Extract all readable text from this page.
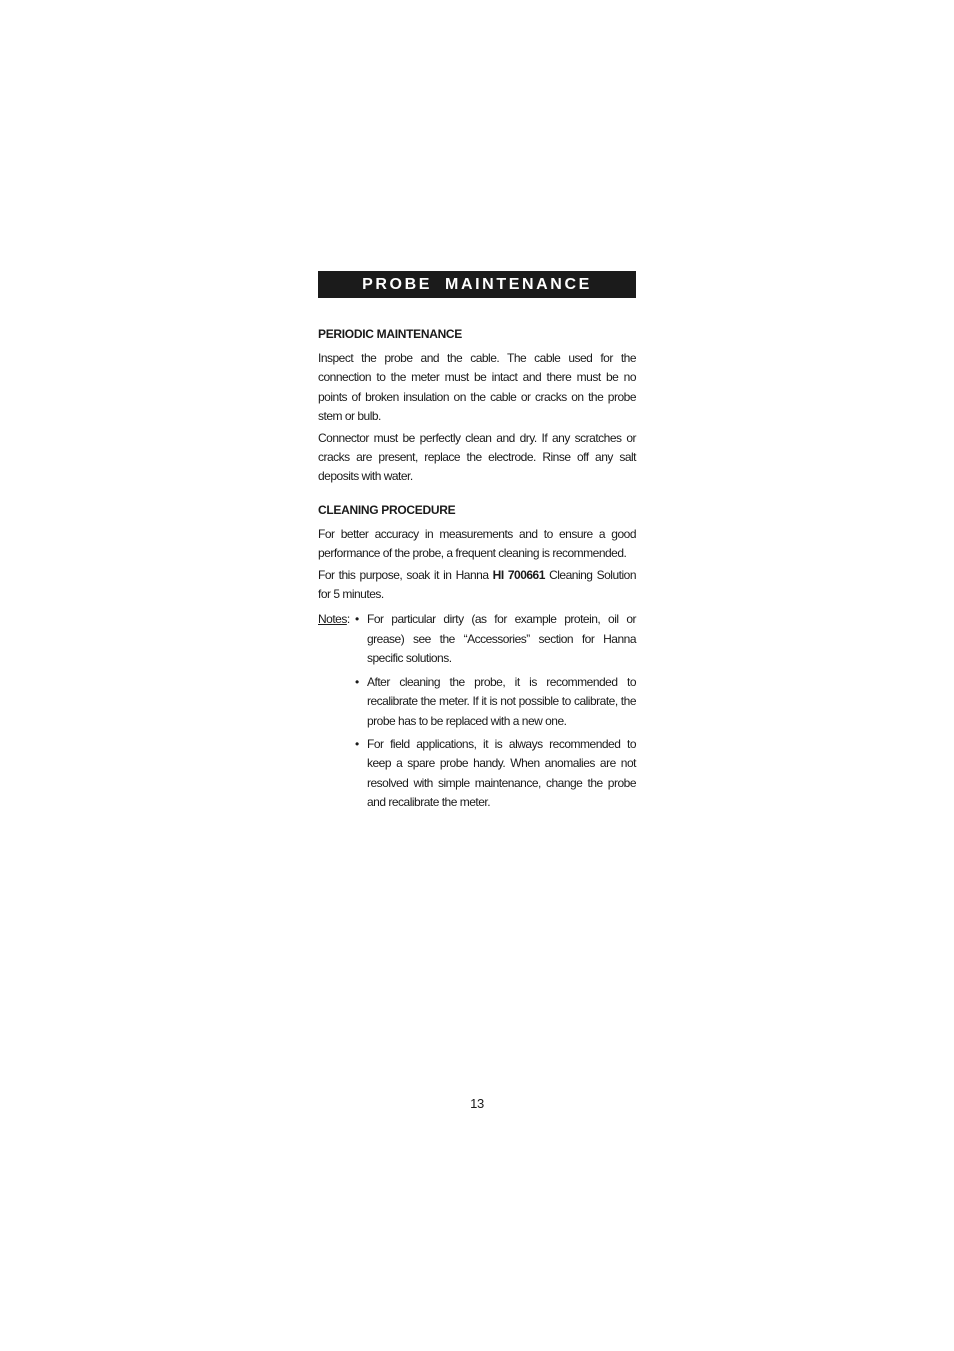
PROBE MAINTENANCE
PERIODIC MAINTENANCE

Inspect the probe and the cable. The cable used for the connection to the meter must be intact and there must be no points of broken insulation on the cable or cracks on the probe stem or bulb.

Connector must be perfectly clean and dry. If any scratches or cracks are present, replace the electrode. Rinse off any salt deposits with water.

CLEANING PROCEDURE

For better accuracy in measurements and to ensure a good performance of the probe, a frequent cleaning is recommended.

For this purpose, soak it in Hanna HI 700661 Cleaning Solution for 5 minutes.

Notes: • For particular dirty (as for example protein, oil or grease) see the “Accessories” section for Hanna specific solutions.
• After cleaning the probe, it is recommended to recalibrate the meter. If it is not possible to calibrate, the probe has to be replaced with a new one.
• For field applications, it is always recommended to keep a spare probe handy. When anomalies are not resolved with simple maintenance, change the probe and recalibrate the meter.
13
